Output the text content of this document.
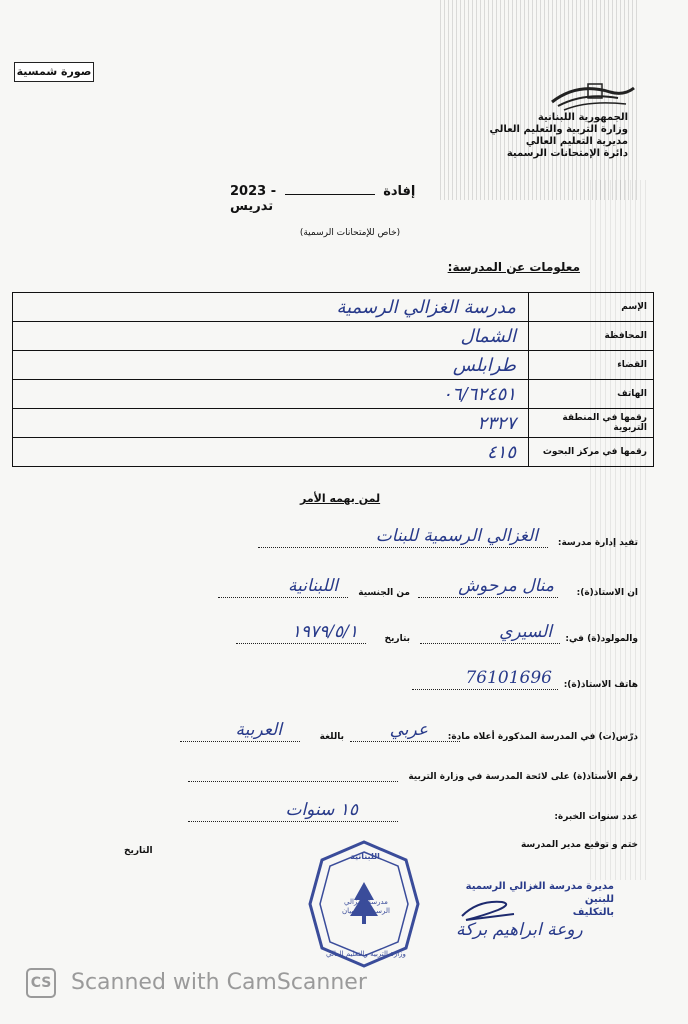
صورة شمسية
الجمهورية اللبنانية
وزارة التربية والتعليم العالي
مديرية التعليم العالي
دائرة الإمتحانات الرسمية
2023 -	إفادة تدريس
(خاص للإمتحانات الرسمية)
معلومات عن المدرسة:
مدرسة الغزالي الرسمية	الإسم
الشمال	المحافظة
طرابلس	القضاء
٠٦/٦٢٤٥١	الهاتف
٢٣٢٧	رقمها في المنطقة التربوية
٤١٥	رقمها في مركز البحوث
لمن يهمه الأمر
تفيد إدارة مدرسة:
الغزالي الرسمية للبنات
ان الاستاذ(ة):
منال مرحوش
من الجنسية
اللبنانية
والمولود(ة) في:
السيري
بتاريخ
١٩٧٩/٥/١
هاتف الاستاذ(ة):
76101696
درّس(ت) في المدرسة المذكورة أعلاه مادة:
عربي
باللغة
العربية
رقم الأستاذ(ة) على لائحة المدرسة في وزارة التربية
عدد سنوات الخبرة:
١٥ سنوات
ختم و توقيع مدير المدرسة
التاريخ
اللبنانية
مدرسة الغزالي الرسمية للصبيان
وزارة التربية والتعليم العالي
مديرة مدرسة الغزالي الرسمية للبنين
بالتكليف
روعة ابراهيم بركة
CS Scanned with CamScanner
